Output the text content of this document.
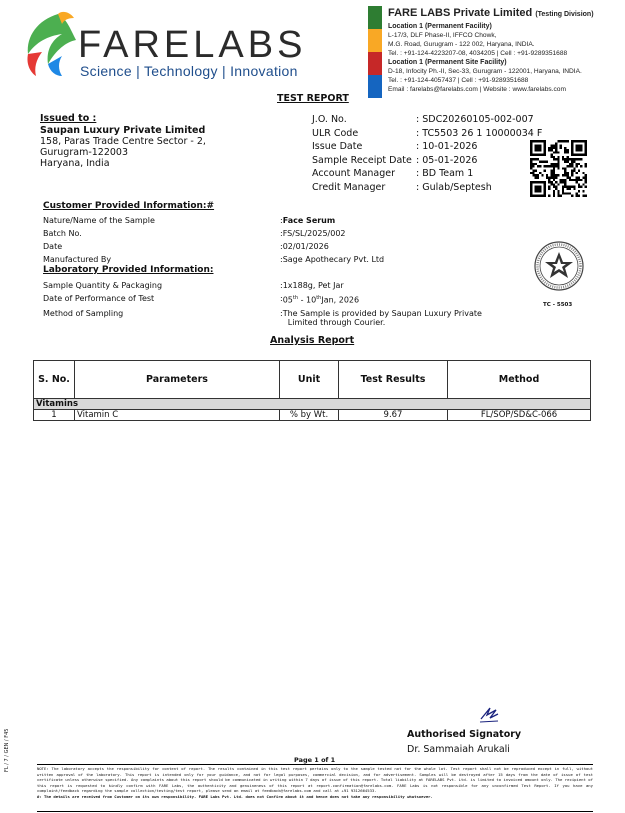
FARELABS
Science | Technology | Innovation
FARE LABS Private Limited (Testing Division)
Location 1 (Permanent Facility)
L-17/3, DLF Phase-II, IFFCO Chowk,
M.G. Road, Gurugram - 122 002, Haryana, INDIA.
Tel. : +91-124-4223207-08, 4034205 | Cell : +91-9289351688
Location 1 (Permanent Site Facility)
D-18, Infocity Ph.-II, Sec-33, Gurugram - 122001, Haryana, INDIA.
Tel. : +91-124-4057437 | Cell : +91-9289351688
Email : farelabs@farelabs.com | Website : www.farelabs.com
TEST REPORT
Issued to :
Saupan Luxury Private Limited
158, Paras Trade Centre Sector - 2,
Gurugram-122003
Haryana, India
J.O. No.	: SDC20260105-002-007
ULR Code	: TC5503 26 1 10000034 F
Issue Date	: 10-01-2026
Sample Receipt Date : 05-01-2026
Account Manager	: BD Team 1
Credit Manager	: Gulab/Septesh
Customer Provided Information:#
Nature/Name of the Sample	: Face Serum
Batch No.	: FS/SL/2025/002
Date	: 02/01/2026
Manufactured By	: Sage Apothecary Pvt. Ltd
Laboratory Provided Information:
Sample Quantity & Packaging	: 1x188g, Pet Jar
Date of Performance of Test	: 05th - 10thJan, 2026
Method of Sampling	: The Sample is provided by Saupan Luxury Private
Limited through Courier.
TC - 5503
Analysis Report
S. No.	Parameters	Unit	Test Results	Method
Vitamins				
1	Vitamin C	% by Wt.	9.67	FL/SOP/SD&C-066
Authorised Signatory
Dr. Sammaiah Arukali
Page 1 of 1
FL / 7 / GEN / F45	NOTE: The laboratory accepts the responsibility for content of report. The results contained in this test report pertains only to the sample tested not for the whole lot. Test report shall not be reproduced except in full, without written approval of the laboratory. This report is intended only for your guidance, and not for legal purposes, commercial decision, and for advertisement. Samples will be destroyed after 15 days from the date of issue of test certificate unless otherwise specified. Any complaints about this report should be communicated in writing within 7 days of issue of this report. Total liability at FARELABS Pvt. Ltd. is limited to invoiced amount only. The recipient of this report is requested to kindly confirm with FARE Labs, the authenticity and genuineness of this report at report.confirmation@farelabs.com. FARE Labs is not responsible for any unconfirmed Test Report. If you have any complaint/feedback regarding the sample collection/testing/test report, please send an email at feedback@farelabs.com and call at +91 9312664533.
#: The details are received from Customer on its own responsibility. FARE Labs Pvt. Ltd. does not Confirm about it and hence does not take any responsibility whatsoever.
